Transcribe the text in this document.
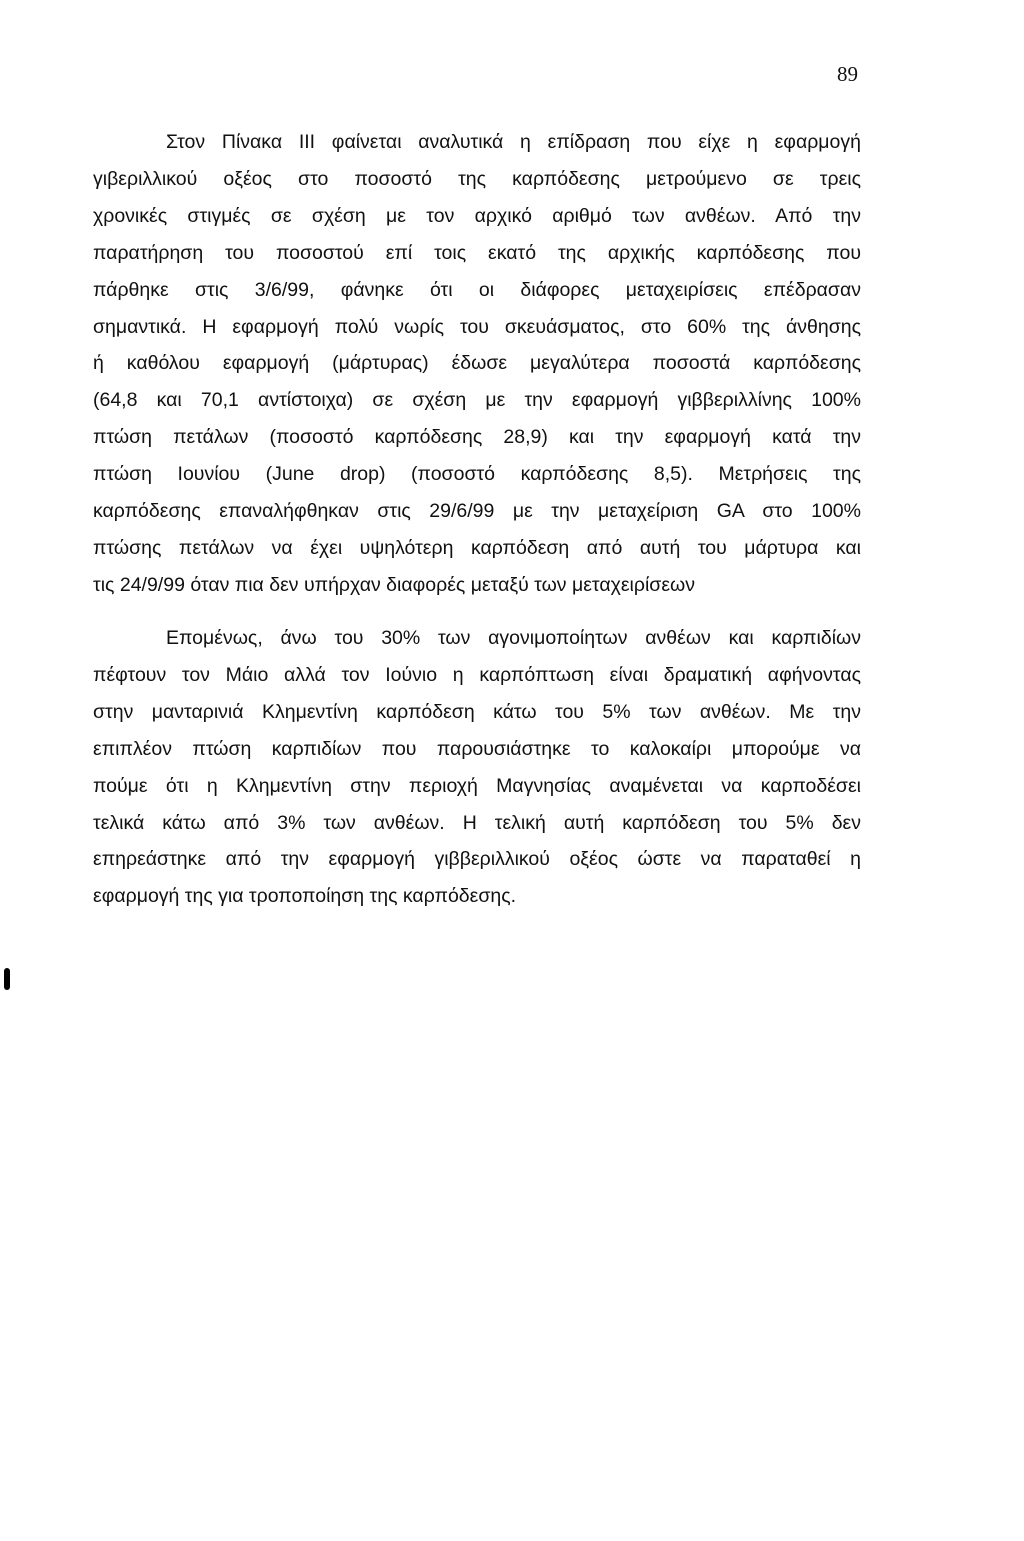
89
Στον Πίνακα ΙΙΙ φαίνεται αναλυτικά η επίδραση που είχε η εφαρμογή
γιβεριλλικού οξέος στο ποσοστό της καρπόδεσης μετρούμενο σε τρεις
χρονικές στιγμές σε σχέση με τον αρχικό αριθμό των ανθέων. Από την
παρατήρηση του ποσοστού επί τοις εκατό της αρχικής καρπόδεσης που
πάρθηκε στις 3/6/99, φάνηκε ότι οι διάφορες μεταχειρίσεις επέδρασαν
σημαντικά. Η εφαρμογή πολύ νωρίς του σκευάσματος, στο 60% της άνθησης
ή καθόλου εφαρμογή (μάρτυρας) έδωσε μεγαλύτερα ποσοστά καρπόδεσης
(64,8 και 70,1 αντίστοιχα) σε σχέση με την εφαρμογή γιββεριλλίνης 100%
πτώση πετάλων (ποσοστό καρπόδεσης 28,9) και την εφαρμογή κατά την
πτώση Ιουνίου (June drop) (ποσοστό καρπόδεσης 8,5). Μετρήσεις της
καρπόδεσης επαναλήφθηκαν στις 29/6/99 με την μεταχείριση GA στο 100%
πτώσης πετάλων να έχει υψηλότερη καρπόδεση από αυτή του μάρτυρα και
τις 24/9/99 όταν πια δεν υπήρχαν διαφορές μεταξύ των μεταχειρίσεων
Επομένως, άνω του 30% των αγονιμοποίητων ανθέων και καρπιδίων
πέφτουν τον Μάιο αλλά τον Ιούνιο η καρπόπτωση είναι δραματική αφήνοντας
στην μανταρινιά Κλημεντίνη καρπόδεση κάτω του 5% των ανθέων. Με την
επιπλέον πτώση καρπιδίων που παρουσιάστηκε το καλοκαίρι μπορούμε να
πούμε ότι η Κλημεντίνη στην περιοχή Μαγνησίας αναμένεται να καρποδέσει
τελικά κάτω από 3% των ανθέων. Η τελική αυτή καρπόδεση του 5% δεν
επηρεάστηκε από την εφαρμογή γιββεριλλικού οξέος ώστε να παραταθεί η
εφαρμογή της για τροποποίηση της καρπόδεσης.
